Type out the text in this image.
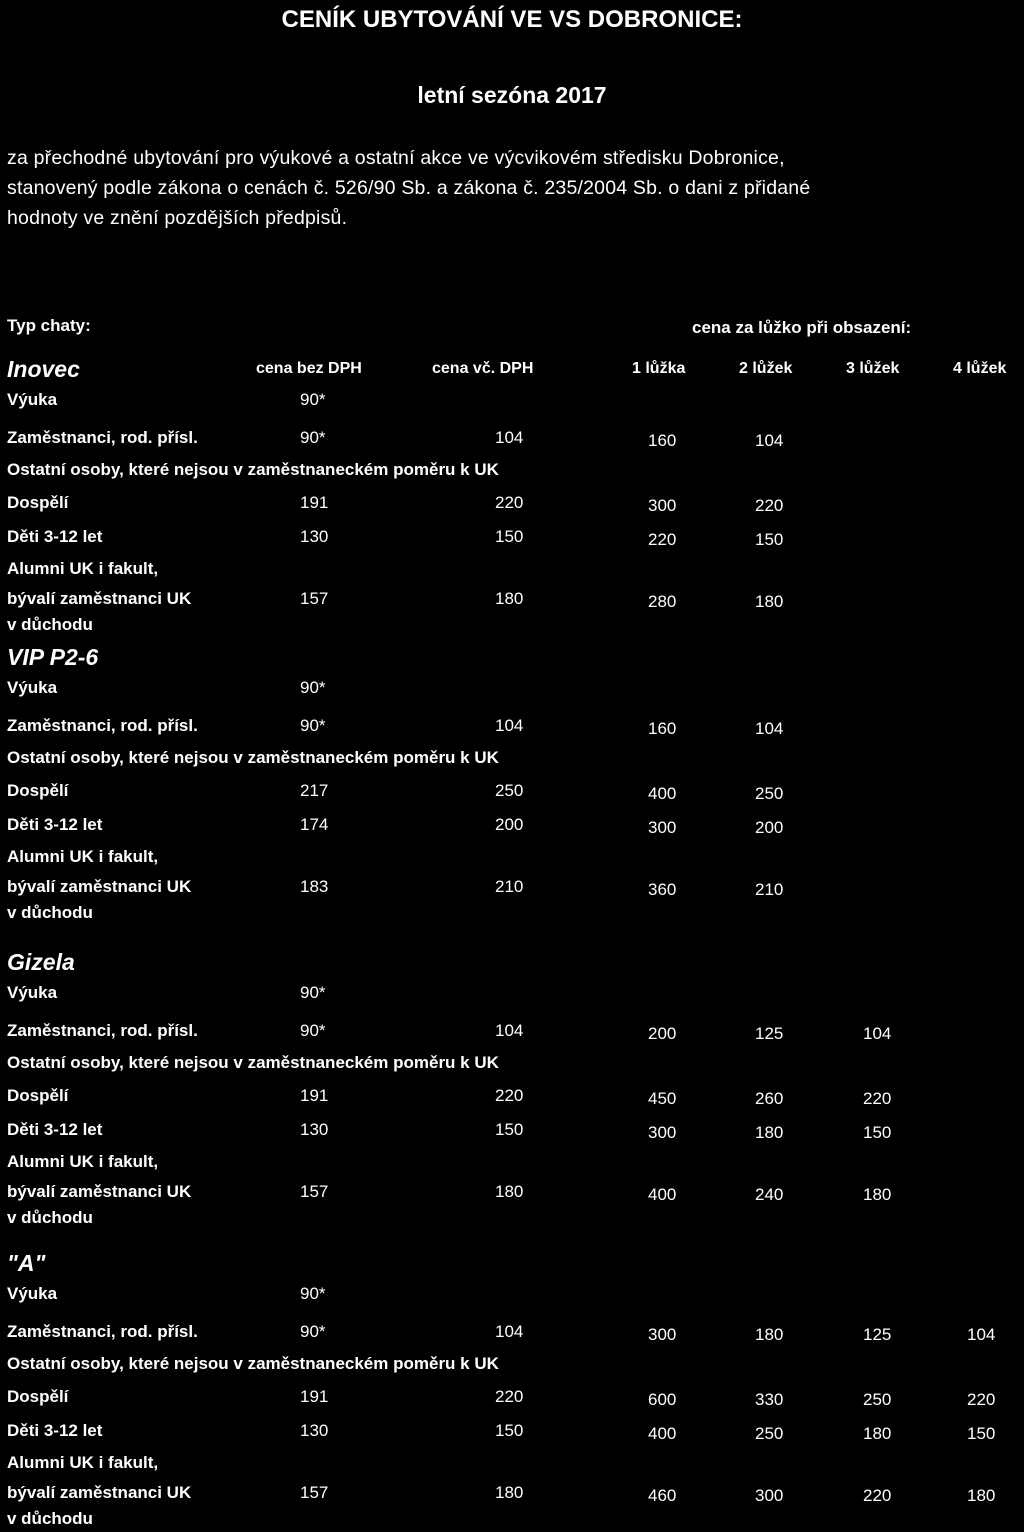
CENÍK UBYTOVÁNÍ VE VS DOBRONICE:
letní sezóna 2017
za přechodné ubytování pro výukové a ostatní akce ve výcvikovém středisku Dobronice,
stanovený podle zákona o cenách č. 526/90 Sb. a zákona č. 235/2004 Sb. o dani z přidané
hodnoty ve znění pozdějších předpisů.
Typ chaty:	cena za lůžko při obsazení:
Inovec	cena bez DPH	cena vč. DPH	1 lůžka	2 lůžek	3 lůžek	4 lůžek
Výuka	90*
Zaměstnanci, rod. přísl.	90*	104	160	104
Ostatní osoby, které nejsou v zaměstnaneckém poměru k UK
Dospělí	191	220	300	220
Děti 3-12 let	130	150	220	150
Alumni UK i fakult,
bývalí zaměstnanci UK	157	180	280	180
v důchodu
VIP P2-6
Výuka	90*
Zaměstnanci, rod. přísl.	90*	104	160	104
Ostatní osoby, které nejsou v zaměstnaneckém poměru k UK
Dospělí	217	250	400	250
Děti 3-12 let	174	200	300	200
Alumni UK i fakult,
bývalí zaměstnanci UK	183	210	360	210
v důchodu
Gizela
Výuka	90*
Zaměstnanci, rod. přísl.	90*	104	200	125	104
Ostatní osoby, které nejsou v zaměstnaneckém poměru k UK
Dospělí	191	220	450	260	220
Děti 3-12 let	130	150	300	180	150
Alumni UK i fakult,
bývalí zaměstnanci UK	157	180	400	240	180
v důchodu
"A"
Výuka	90*
Zaměstnanci, rod. přísl.	90*	104	300	180	125	104
Ostatní osoby, které nejsou v zaměstnaneckém poměru k UK
Dospělí	191	220	600	330	250	220
Děti 3-12 let	130	150	400	250	180	150
Alumni UK i fakult,
bývalí zaměstnanci UK	157	180	460	300	220	180
v důchodu
